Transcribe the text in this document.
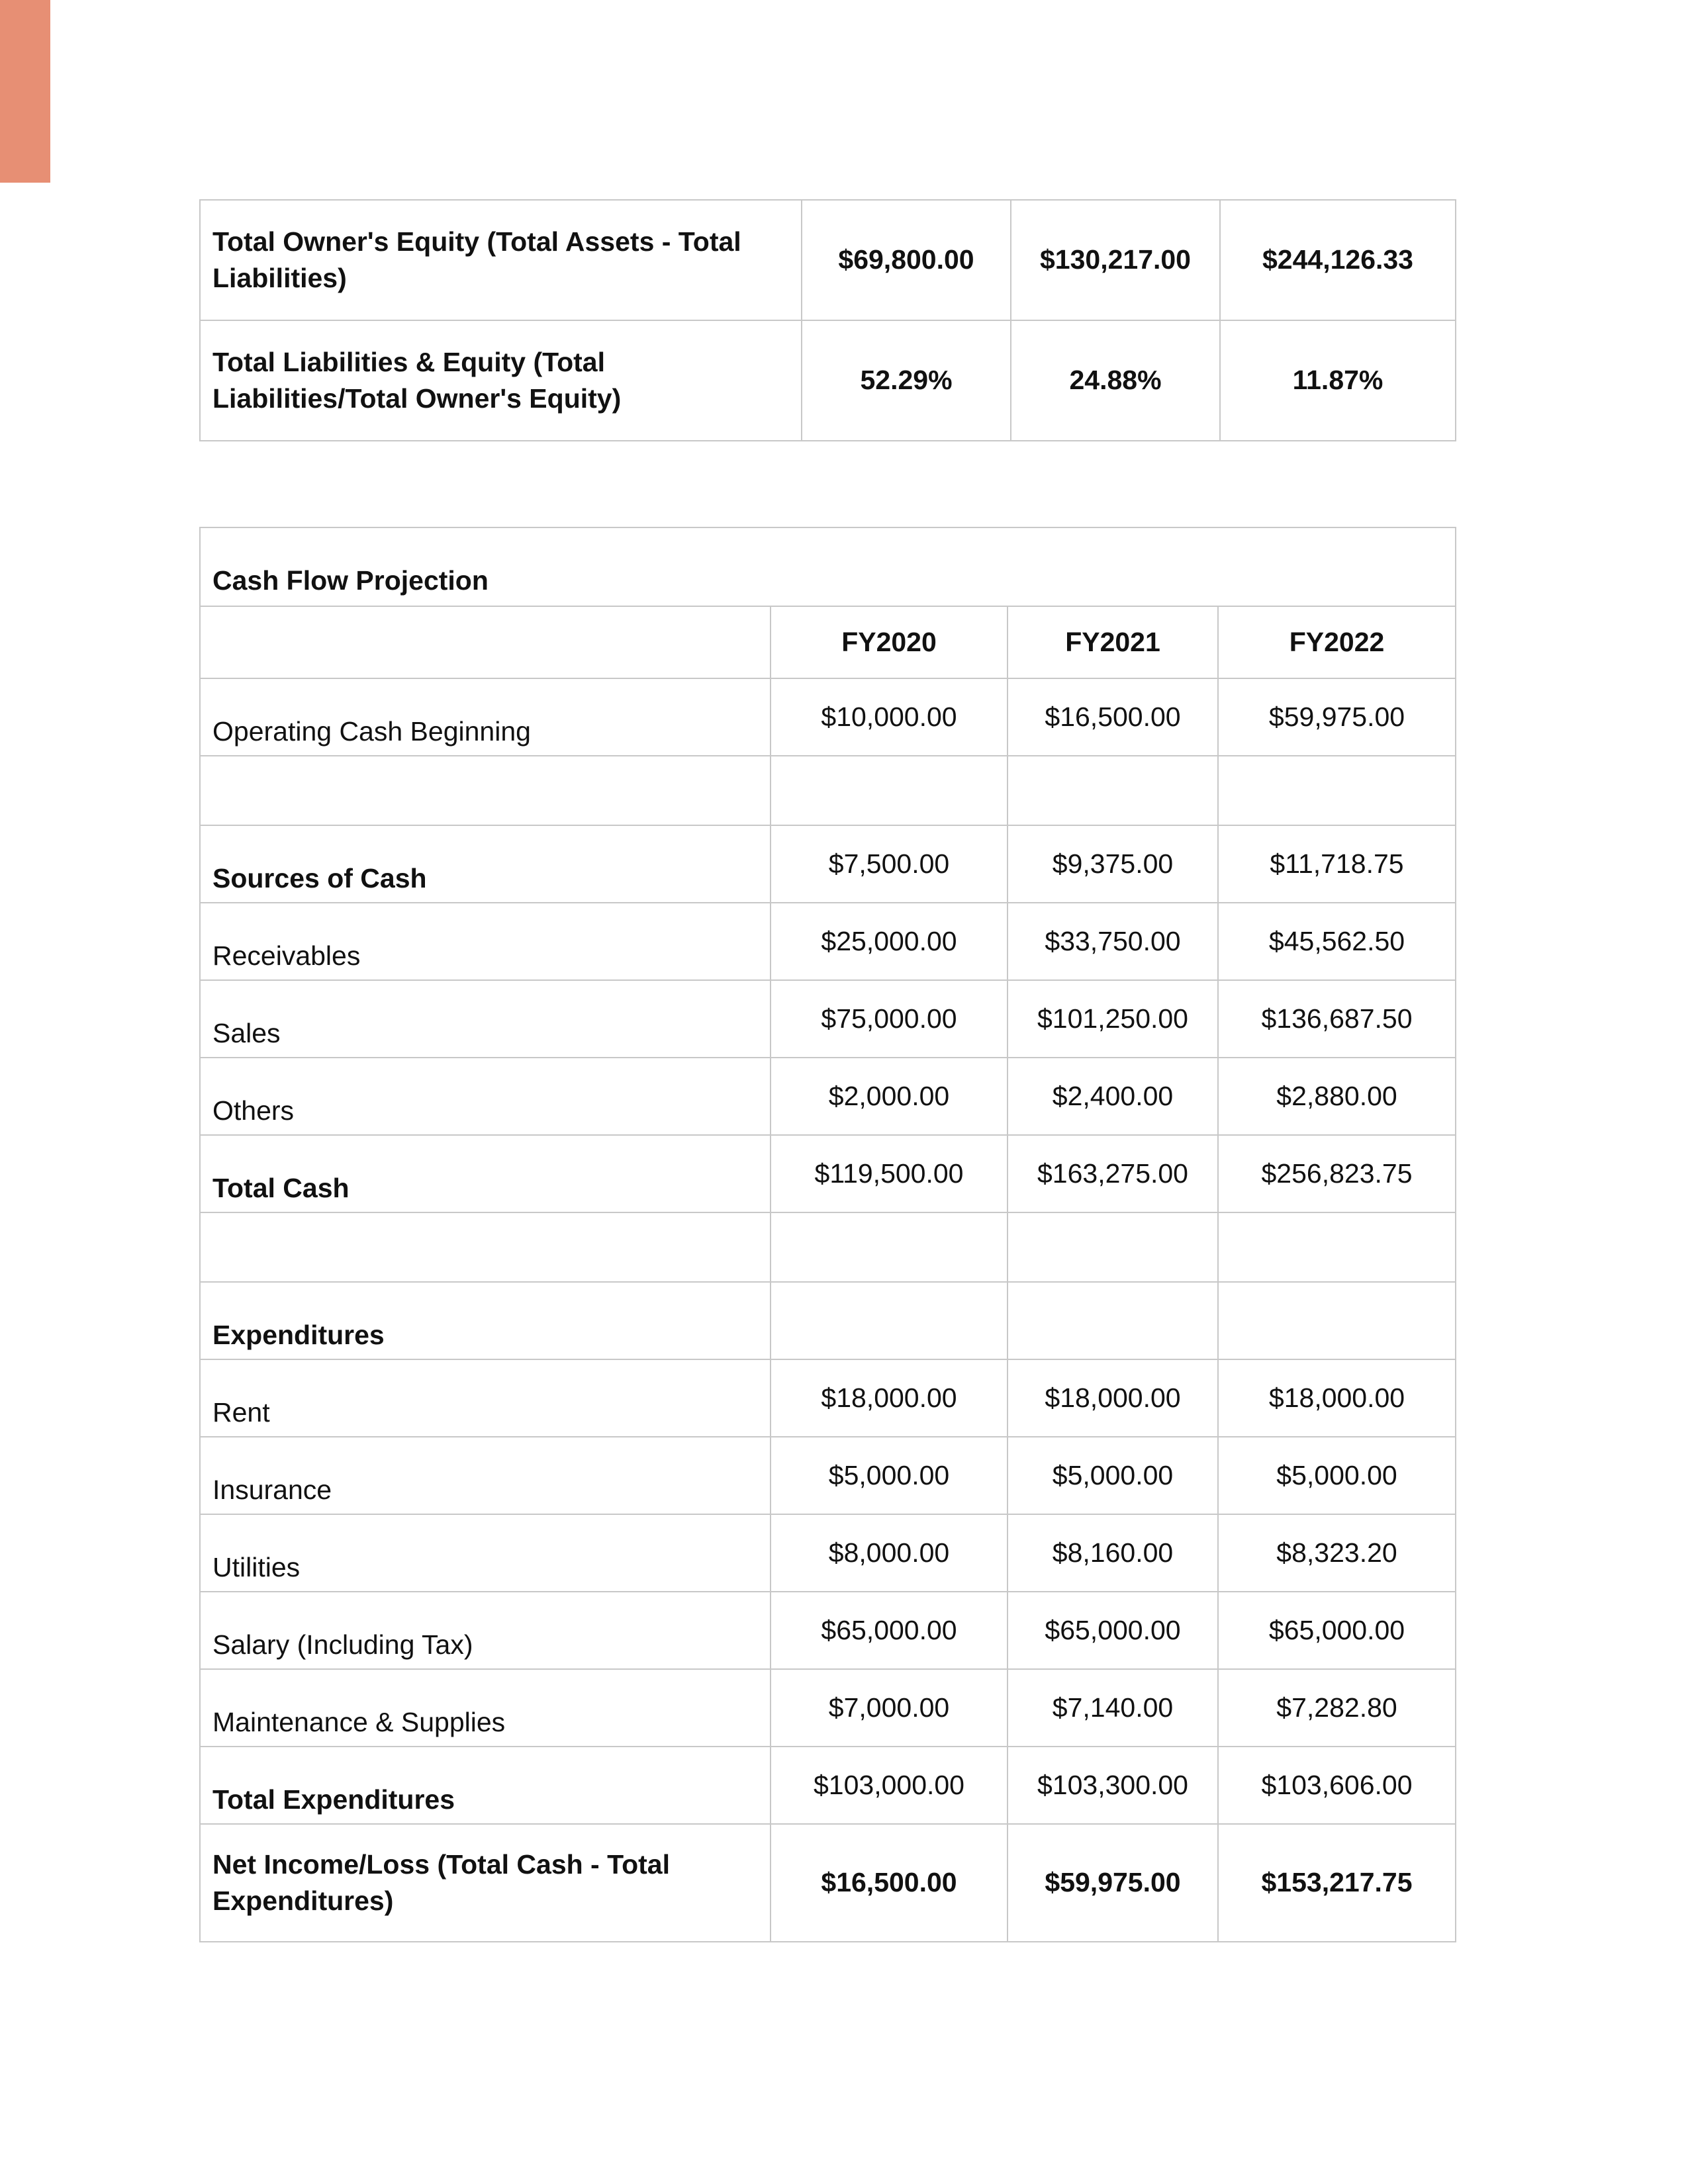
Total Owner's Equity (Total Assets - Total Liabilities)	$69,800.00	$130,217.00	$244,126.33
Total Liabilities & Equity (Total Liabilities/Total Owner's Equity)	52.29%	24.88%	11.87%
Cash Flow Projection			
	FY2020	FY2021	FY2022
Operating Cash Beginning	$10,000.00	$16,500.00	$59,975.00

Sources of Cash	$7,500.00	$9,375.00	$11,718.75
Receivables	$25,000.00	$33,750.00	$45,562.50
Sales	$75,000.00	$101,250.00	$136,687.50
Others	$2,000.00	$2,400.00	$2,880.00
Total Cash	$119,500.00	$163,275.00	$256,823.75

Expenditures			
Rent	$18,000.00	$18,000.00	$18,000.00
Insurance	$5,000.00	$5,000.00	$5,000.00
Utilities	$8,000.00	$8,160.00	$8,323.20
Salary (Including Tax)	$65,000.00	$65,000.00	$65,000.00
Maintenance & Supplies	$7,000.00	$7,140.00	$7,282.80
Total Expenditures	$103,000.00	$103,300.00	$103,606.00
Net Income/Loss (Total Cash - Total Expenditures)	$16,500.00	$59,975.00	$153,217.75
